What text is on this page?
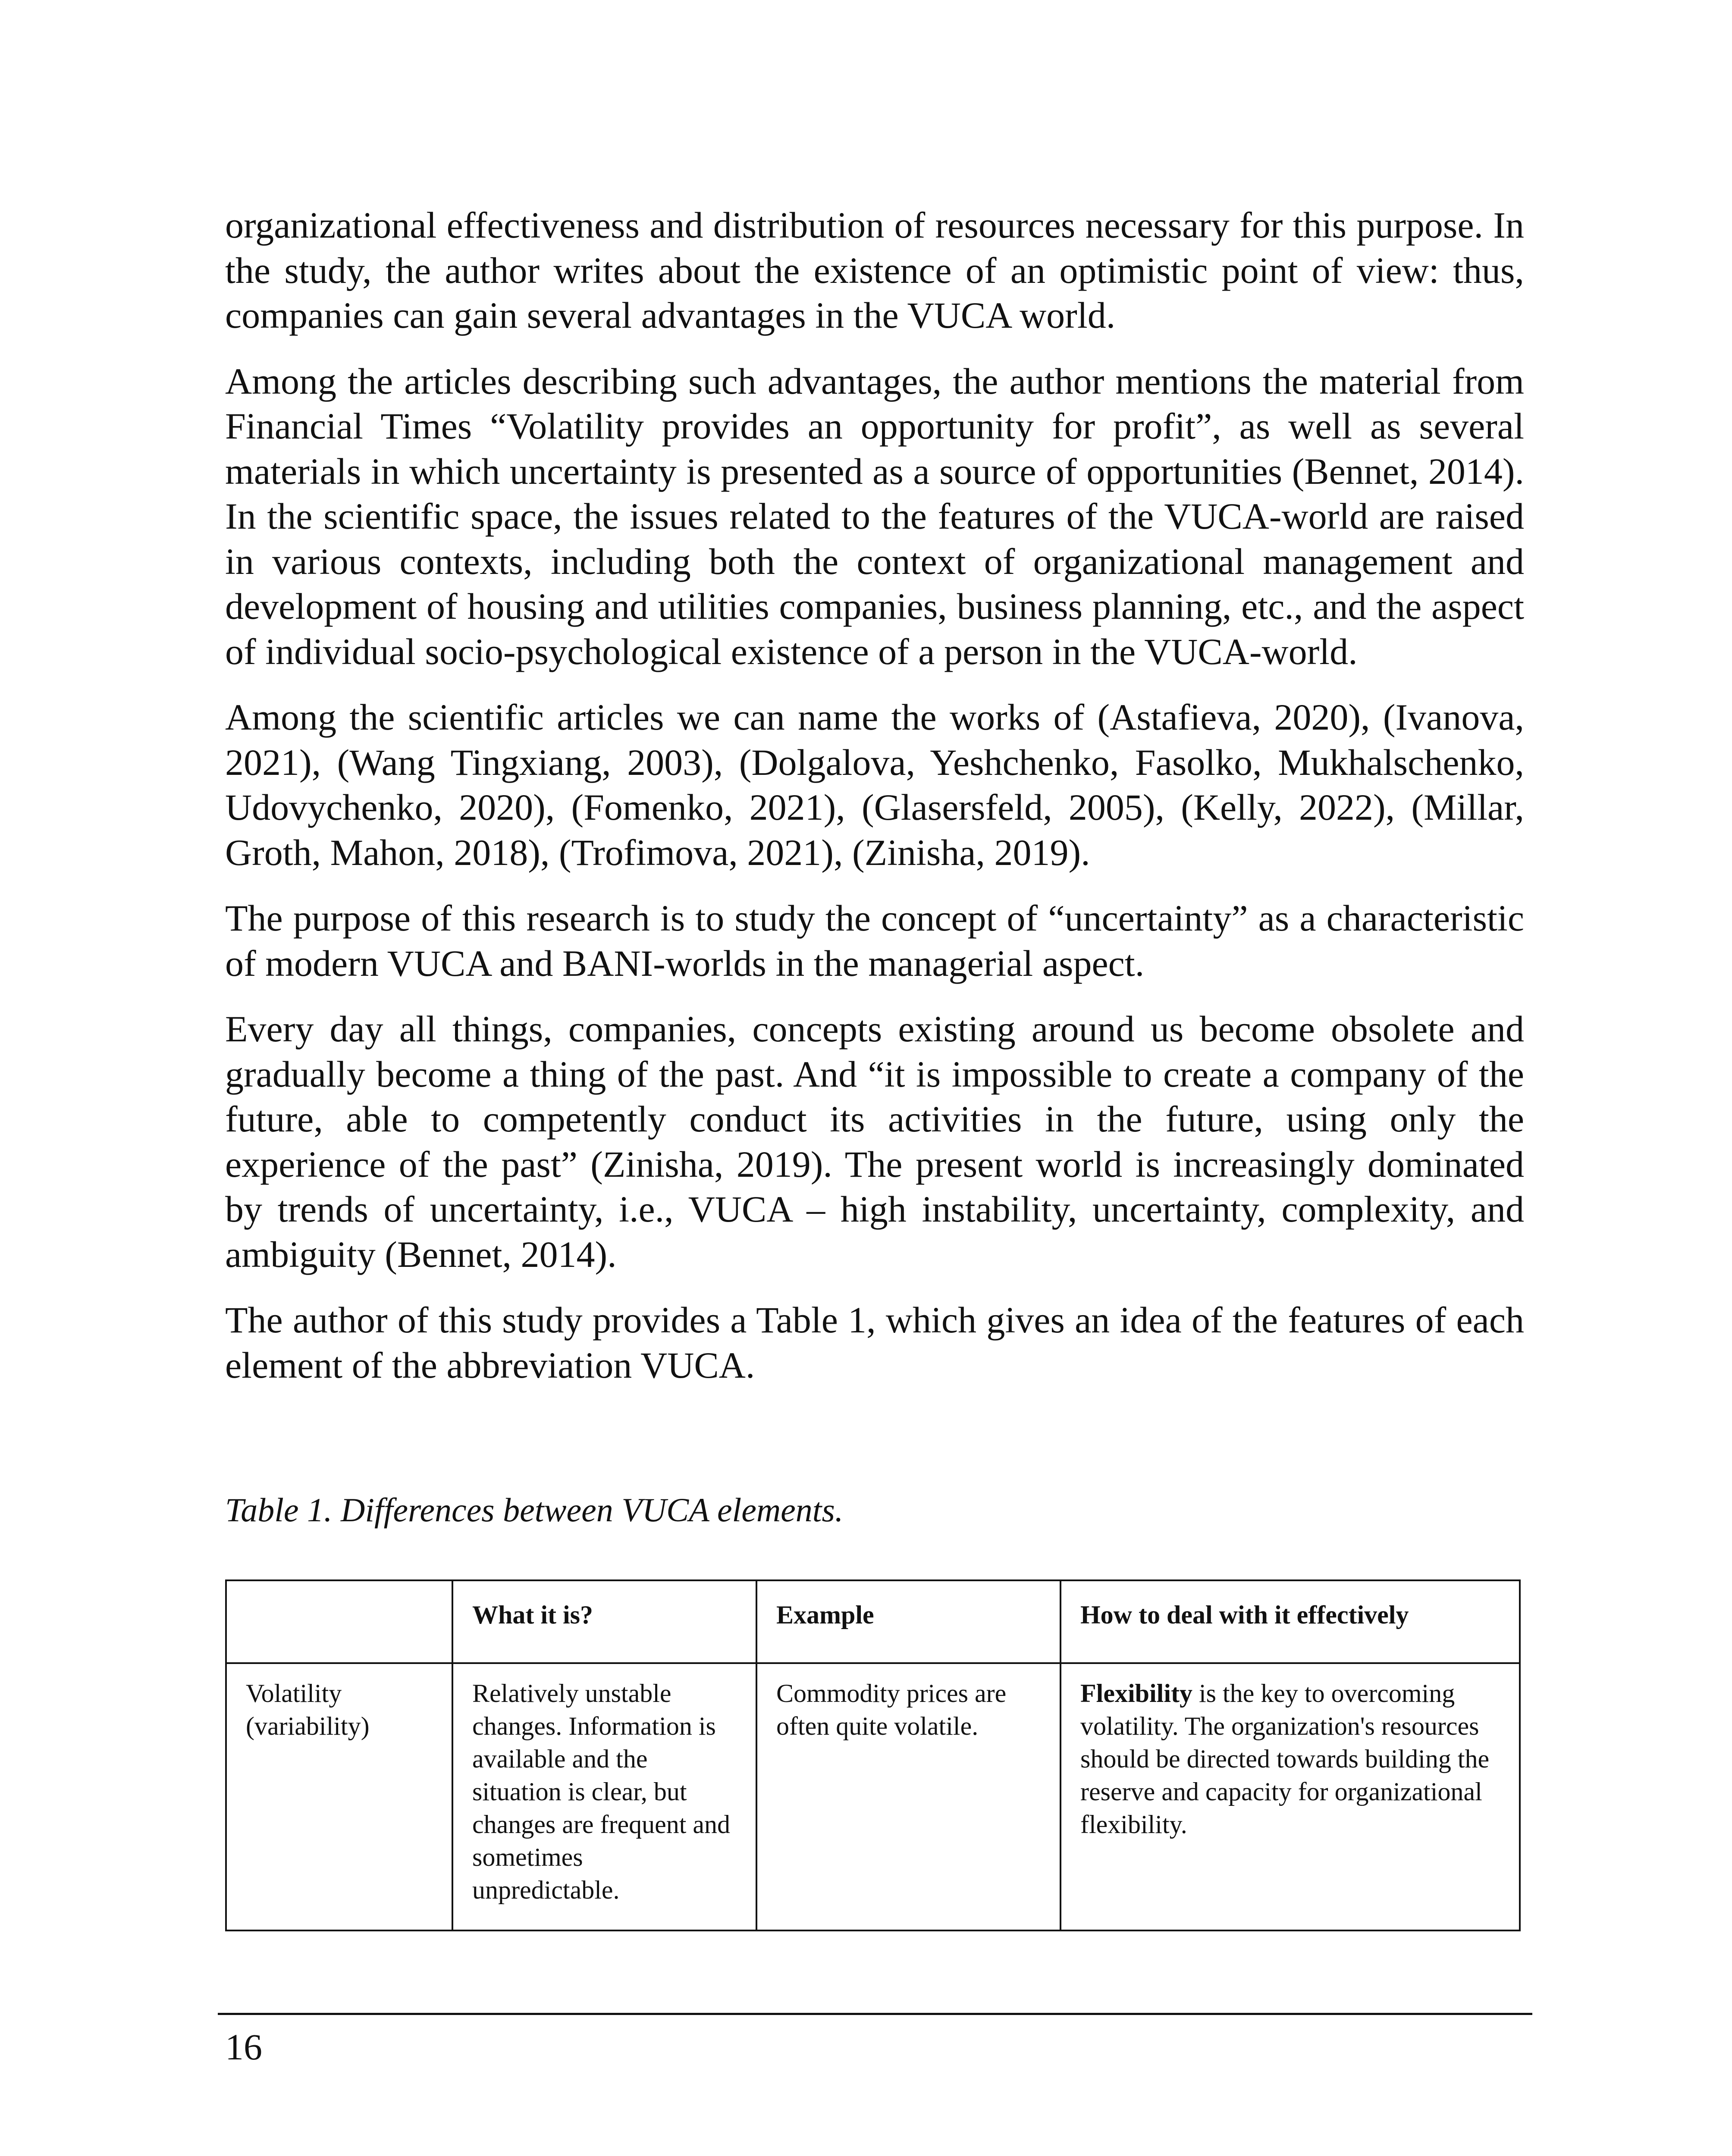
organizational effectiveness and distribution of resources necessary for this purpose. In the study, the author writes about the existence of an optimistic point of view: thus, companies can gain several advantages in the VUCA world.

Among the articles describing such advantages, the author mentions the material from Financial Times “Volatility provides an opportunity for profit”, as well as several materials in which uncertainty is presented as a source of opportunities (Bennet, 2014). In the scientific space, the issues related to the features of the VUCA-world are raised in various contexts, including both the context of organizational management and development of housing and utilities companies, business planning, etc., and the aspect of individual socio-psychological existence of a person in the VUCA-world.

Among the scientific articles we can name the works of (Astafieva, 2020), (Ivanova, 2021), (Wang Tingxiang, 2003), (Dolgalova, Yeshchenko, Fasolko, Mukhalschenko, Udovychenko, 2020), (Fomenko, 2021), (Glasersfeld, 2005), (Kelly, 2022), (Millar, Groth, Mahon, 2018), (Trofimova, 2021), (Zinisha, 2019).

The purpose of this research is to study the concept of “uncertainty” as a characteristic of modern VUCA and BANI-worlds in the managerial aspect.

Every day all things, companies, concepts existing around us become obsolete and gradually become a thing of the past. And “it is impossible to create a company of the future, able to competently conduct its activities in the future, using only the experience of the past” (Zinisha, 2019). The present world is increasingly dominated by trends of uncertainty, i.e., VUCA – high instability, uncertainty, complexity, and ambiguity (Bennet, 2014).

The author of this study provides a Table 1, which gives an idea of the features of each element of the abbreviation VUCA.

Table 1. Differences between VUCA elements.

	What it is?	Example	How to deal with it effectively
Volatility (variability)	Relatively unstable changes. Information is available and the situation is clear, but changes are frequent and sometimes unpredictable.	Commodity prices are often quite volatile.	Flexibility is the key to overcoming volatility. The organization's resources should be directed towards building the reserve and capacity for organizational flexibility.

16
